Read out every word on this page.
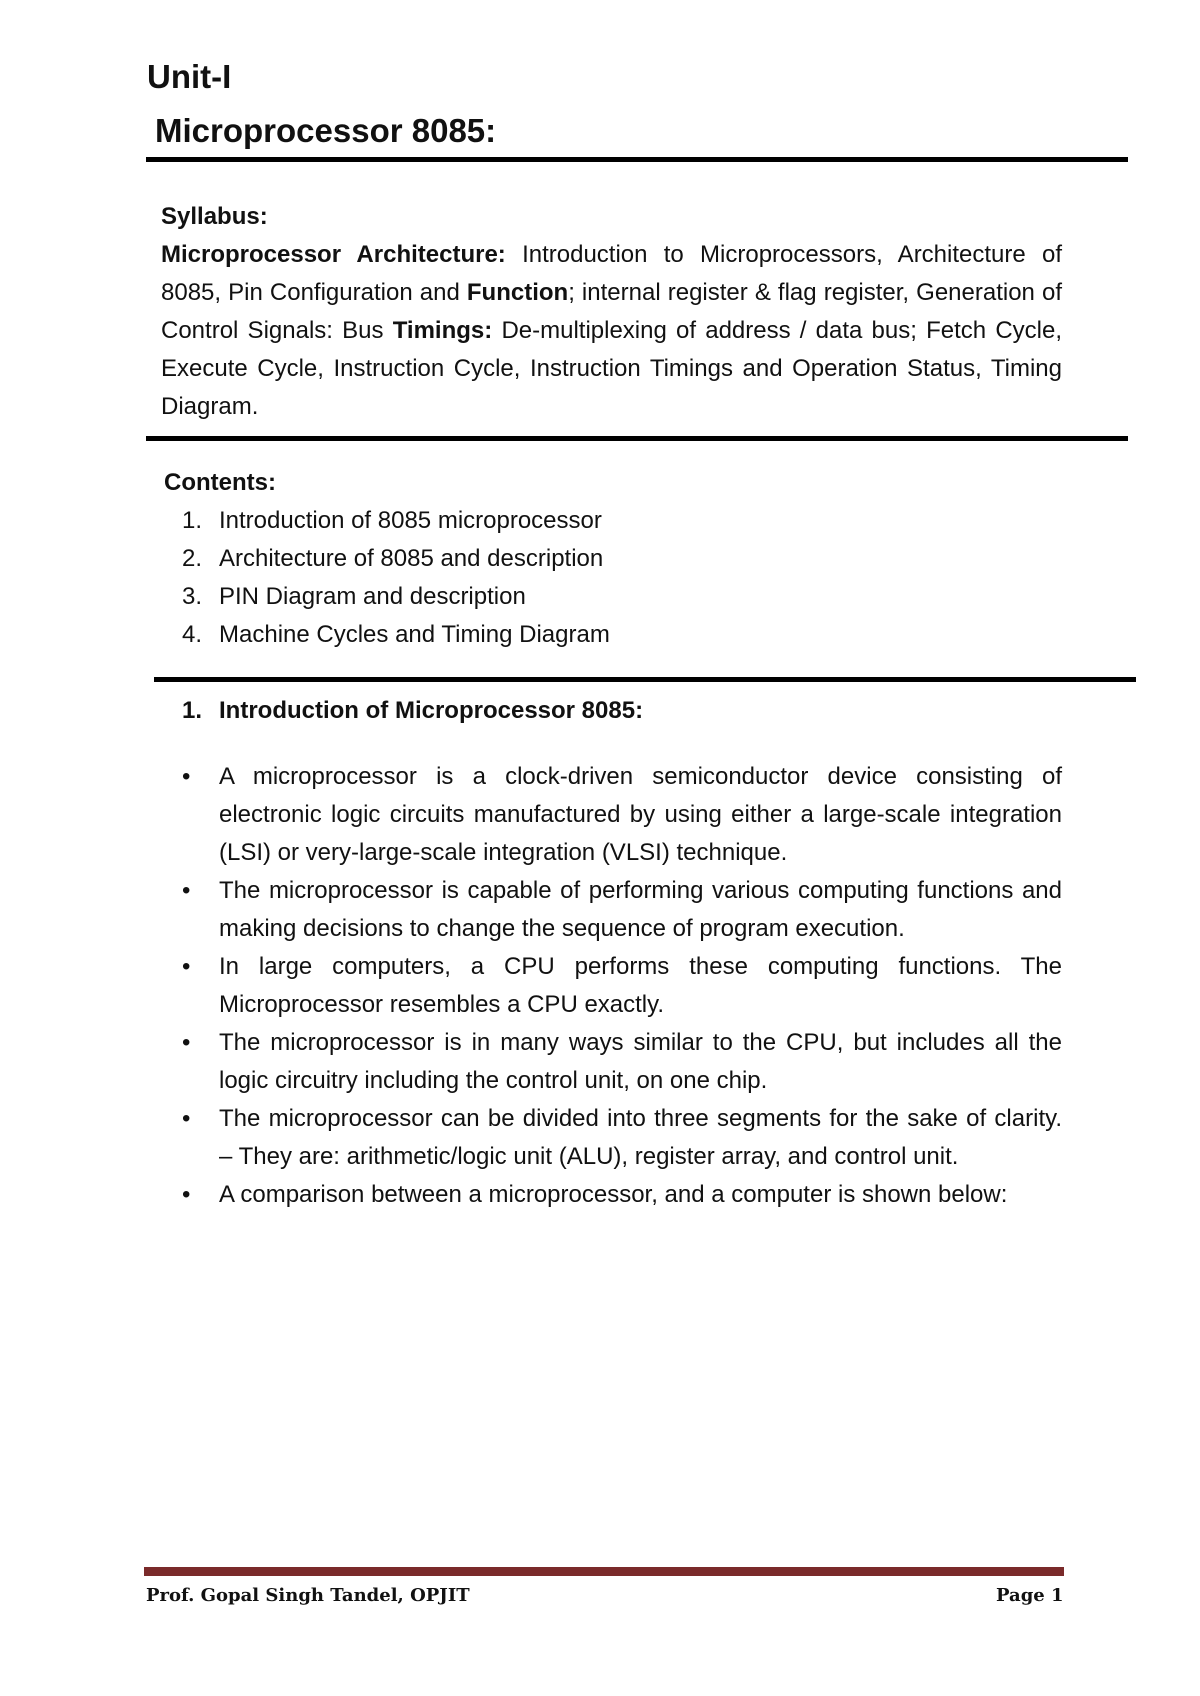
Unit-I
Microprocessor 8085:
Syllabus:
Microprocessor Architecture: Introduction to Microprocessors, Architecture of 8085, Pin Configuration and Function; internal register & flag register, Generation of Control Signals: Bus Timings: De-multiplexing of address / data bus; Fetch Cycle, Execute Cycle, Instruction Cycle, Instruction Timings and Operation Status, Timing Diagram.
Contents:
1. Introduction of 8085 microprocessor
2. Architecture of 8085 and description
3. PIN Diagram and description
4. Machine Cycles and Timing Diagram
1. Introduction of Microprocessor 8085:
•	A microprocessor is a clock-driven semiconductor device consisting of electronic logic circuits manufactured by using either a large-scale integration (LSI) or very-large-scale integration (VLSI) technique.
•	The microprocessor is capable of performing various computing functions and making decisions to change the sequence of program execution.
•	In large computers, a CPU performs these computing functions. The Microprocessor resembles a CPU exactly.
•	The microprocessor is in many ways similar to the CPU, but includes all the logic circuitry including the control unit, on one chip.
•	The microprocessor can be divided into three segments for the sake of clarity. – They are: arithmetic/logic unit (ALU), register array, and control unit.
•	A comparison between a microprocessor, and a computer is shown below:
Prof. Gopal Singh Tandel, OPJIT	Page 1
